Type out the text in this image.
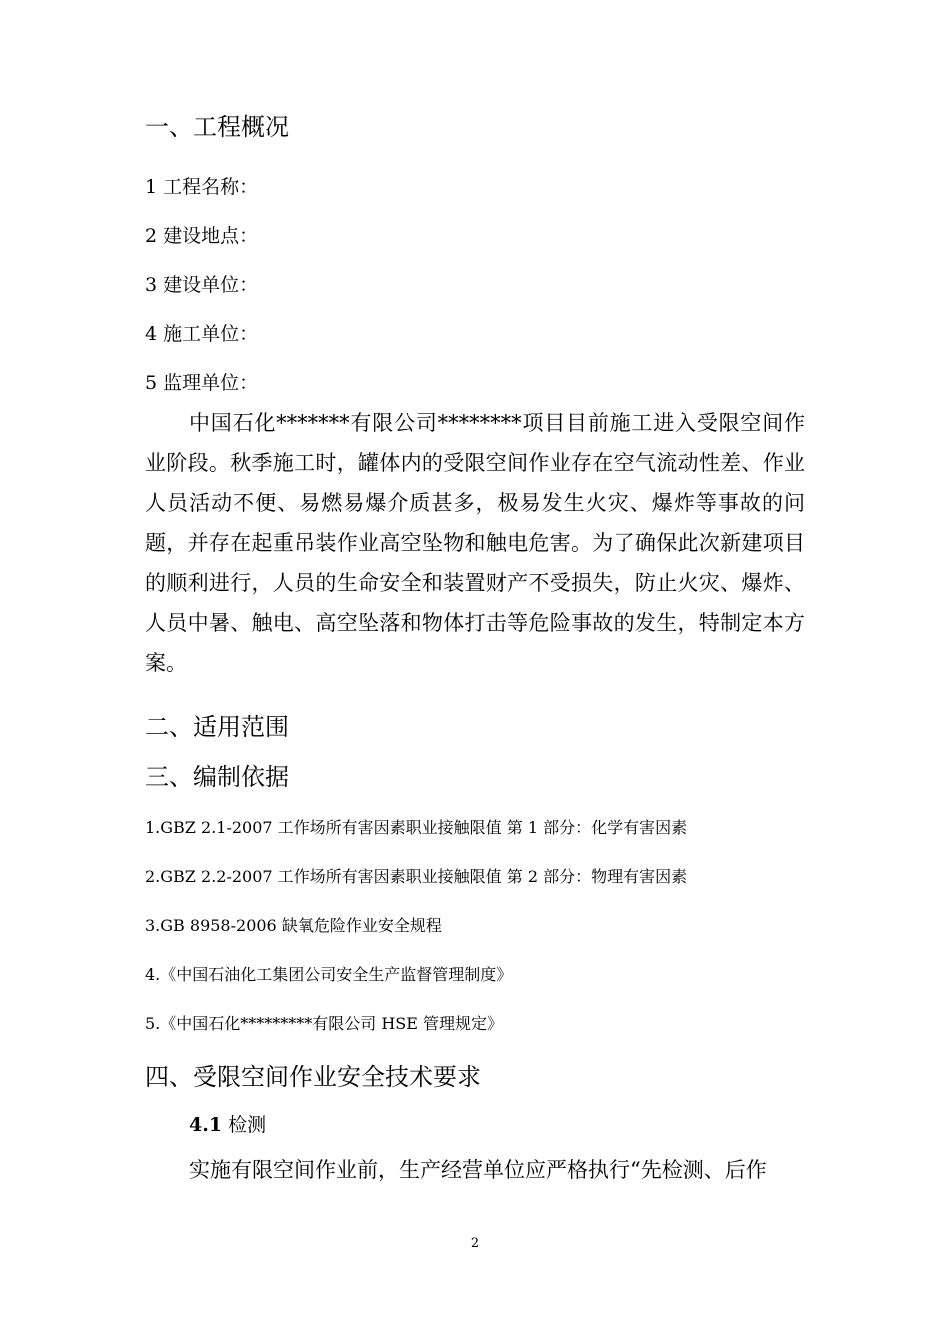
一、工程概况
1 工程名称：
2 建设地点：
3 建设单位：
4 施工单位：
5 监理单位：

中国石化*******有限公司********项目目前施工进入受限空间作业阶段。秋季施工时，罐体内的受限空间作业存在空气流动性差、作业人员活动不便、易燃易爆介质甚多，极易发生火灾、爆炸等事故的问题，并存在起重吊装作业高空坠物和触电危害。为了确保此次新建项目的顺利进行，人员的生命安全和装置财产不受损失，防止火灾、爆炸、人员中暑、触电、高空坠落和物体打击等危险事故的发生，特制定本方案。

二、适用范围
三、编制依据
1.GBZ 2.1-2007 工作场所有害因素职业接触限值 第 1 部分：化学有害因素
2.GBZ 2.2-2007 工作场所有害因素职业接触限值 第 2 部分：物理有害因素
3.GB 8958-2006 缺氧危险作业安全规程
4.《中国石油化工集团公司安全生产监督管理制度》
5.《中国石化*********有限公司 HSE 管理规定》
四、受限空间作业安全技术要求
4.1 检测
实施有限空间作业前，生产经营单位应严格执行“先检测、后作
2
